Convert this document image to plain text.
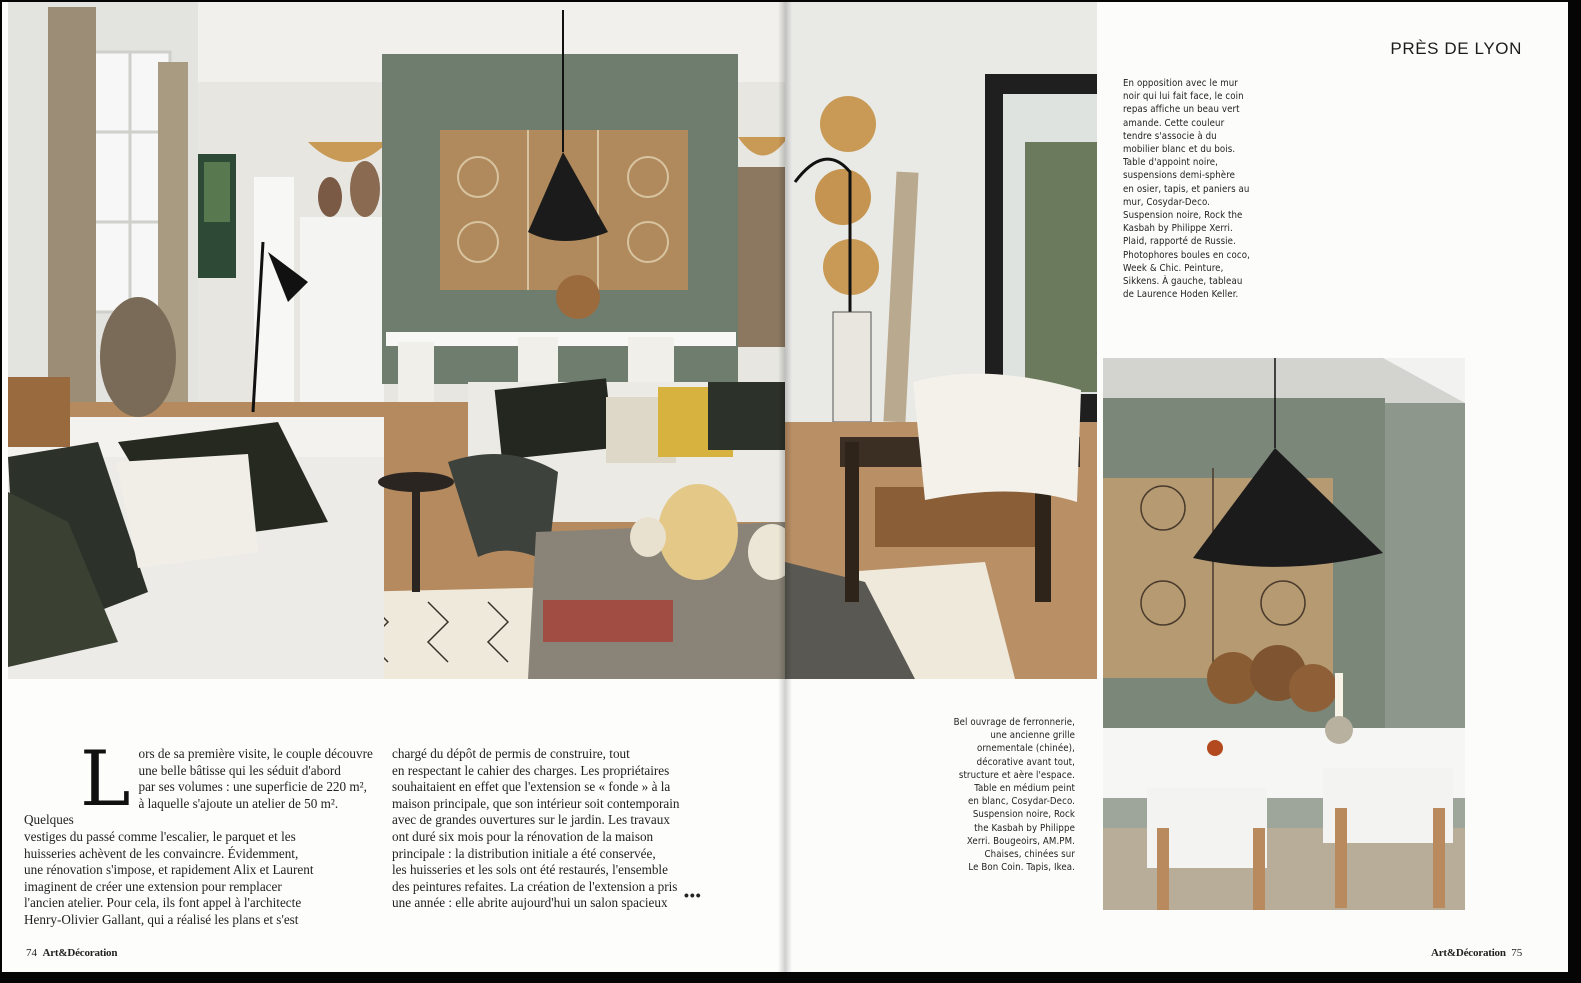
L ors de sa première visite, le couple découvre

une belle bâtisse qui les séduit d'abord

par ses volumes : une superficie de 220 m²,

à laquelle s'ajoute un atelier de 50 m². Quelques

vestiges du passé comme l'escalier, le parquet et les

huisseries achèvent de les convaincre. Évidemment,

une rénovation s'impose, et rapidement Alix et Laurent

imaginent de créer une extension pour remplacer

l'ancien atelier. Pour cela, ils font appel à l'architecte

Henry-Olivier Gallant, qui a réalisé les plans et s'est

chargé du dépôt de permis de construire, tout

en respectant le cahier des charges. Les propriétaires

souhaitaient en effet que l'extension se « fonde » à la

maison principale, que son intérieur soit contemporain

avec de grandes ouvertures sur le jardin. Les travaux

ont duré six mois pour la rénovation de la maison

principale : la distribution initiale a été conservée,

les huisseries et les sols ont été restaurés, l'ensemble

des peintures refaites. La création de l'extension a pris

une année : elle abrite aujourd'hui un salon spacieux	•••
74 Art&Décoration
PRÈS DE LYON
En opposition avec le mur
noir qui lui fait face, le coin
repas affiche un beau vert
amande. Cette couleur
tendre s'associe à du
mobilier blanc et du bois.
Table d'appoint noire,
suspensions demi-sphère
en osier, tapis, et paniers au
mur, Cosydar-Deco.
Suspension noire, Rock the
Kasbah by Philippe Xerri.
Plaid, rapporté de Russie.
Photophores boules en coco,
Week & Chic. Peinture,
Sikkens. À gauche, tableau
de Laurence Hoden Keller.
Bel ouvrage de ferronnerie,
une ancienne grille
ornementale (chinée),
décorative avant tout,
structure et aère l'espace.
Table en médium peint
en blanc, Cosydar-Deco.
Suspension noire, Rock
the Kasbah by Philippe
Xerri. Bougeoirs, AM.PM.
Chaises, chinées sur
Le Bon Coin. Tapis, Ikea.
Art&Décoration 75
